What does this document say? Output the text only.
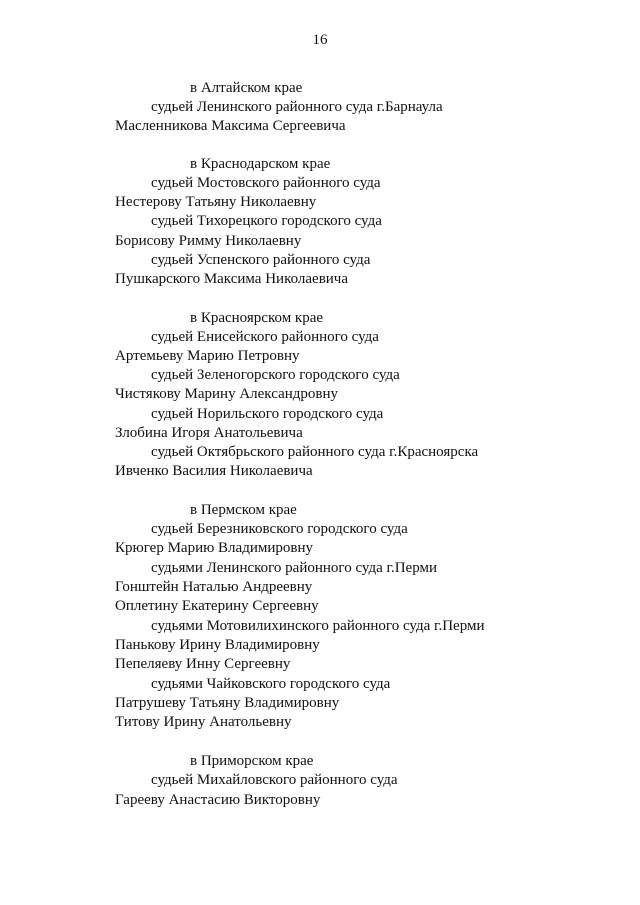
16
в Алтайском крае
судьей Ленинского районного суда г.Барнаула
Масленникова Максима Сергеевича
в Краснодарском крае
судьей Мостовского районного суда
Нестерову Татьяну Николаевну
судьей Тихорецкого городского суда
Борисову Римму Николаевну
судьей Успенского районного суда
Пушкарского Максима Николаевича
в Красноярском крае
судьей Енисейского районного суда
Артемьеву Марию Петровну
судьей Зеленогорского городского суда
Чистякову Марину Александровну
судьей Норильского городского суда
Злобина Игоря Анатольевича
судьей Октябрьского районного суда г.Красноярска
Ивченко Василия Николаевича
в Пермском крае
судьей Березниковского городского суда
Крюгер Марию Владимировну
судьями Ленинского районного суда г.Перми
Гонштейн Наталью Андреевну
Оплетину Екатерину Сергеевну
судьями Мотовилихинского районного суда г.Перми
Панькову Ирину Владимировну
Пепеляеву Инну Сергеевну
судьями Чайковского городского суда
Патрушеву Татьяну Владимировну
Титову Ирину Анатольевну
в Приморском крае
судьей Михайловского районного суда
Гарееву Анастасию Викторовну
